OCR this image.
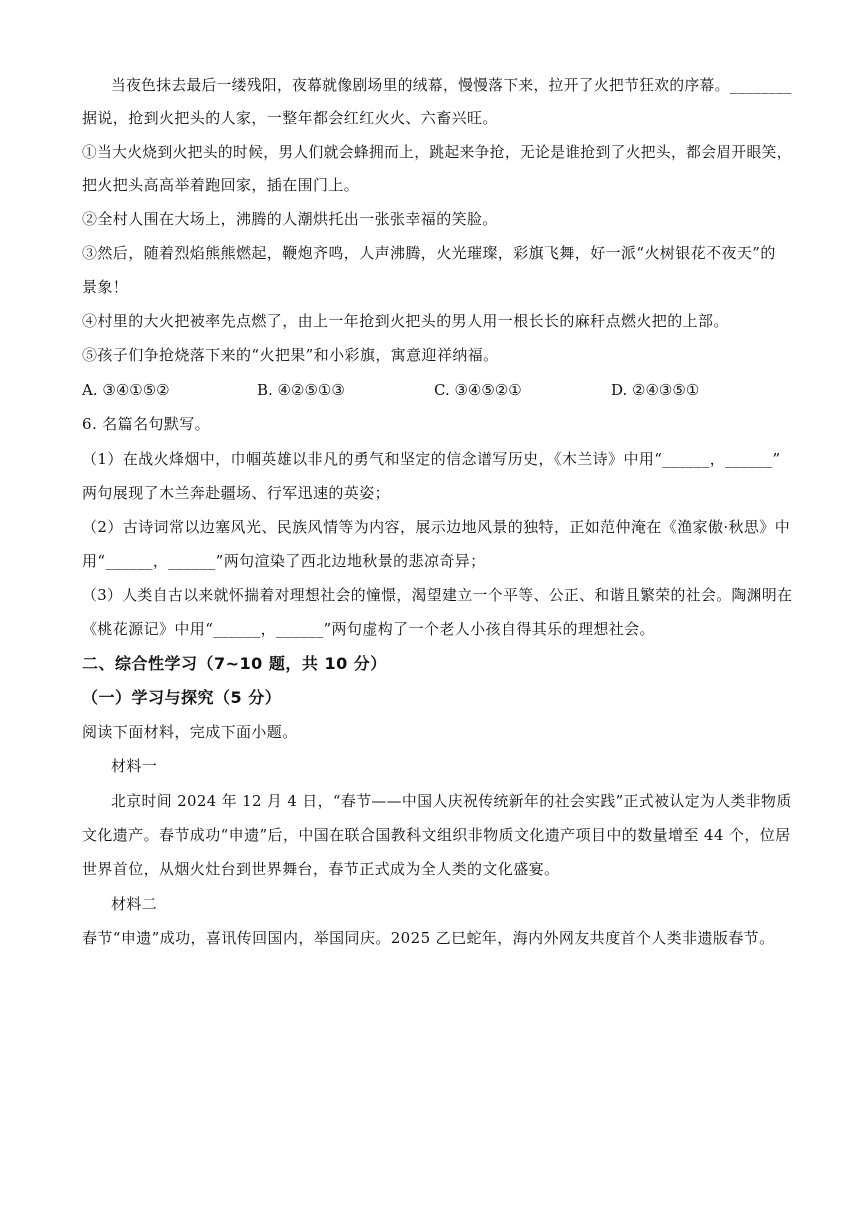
当夜色抹去最后一缕残阳，夜幕就像剧场里的绒幕，慢慢落下来，拉开了火把节狂欢的序幕。________
据说，抢到火把头的人家，一整年都会红红火火、六畜兴旺。
①当大火烧到火把头的时候，男人们就会蜂拥而上，跳起来争抢，无论是谁抢到了火把头，都会眉开眼笑，
把火把头高高举着跑回家，插在围门上。
②全村人围在大场上，沸腾的人潮烘托出一张张幸福的笑脸。
③然后，随着烈焰熊熊燃起，鞭炮齐鸣，人声沸腾，火光璀璨，彩旗飞舞，好一派“火树银花不夜天”的
景象！
④村里的大火把被率先点燃了，由上一年抢到火把头的男人用一根长长的麻秆点燃火把的上部。
⑤孩子们争抢烧落下来的“火把果”和小彩旗，寓意迎祥纳福。
A. ③④①⑤②	B. ④②⑤①③	C. ③④⑤②①	D. ②④③⑤①
6. 名篇名句默写。
（1）在战火烽烟中，巾帼英雄以非凡的勇气和坚定的信念谱写历史，《木兰诗》中用“______，______”
两句展现了木兰奔赴疆场、行军迅速的英姿；
（2）古诗词常以边塞风光、民族风情等为内容，展示边地风景的独特，正如范仲淹在《渔家傲·秋思》中
用“______，______”两句渲染了西北边地秋景的悲凉奇异；
（3）人类自古以来就怀揣着对理想社会的憧憬，渴望建立一个平等、公正、和谐且繁荣的社会。陶渊明在
《桃花源记》中用“______，______”两句虚构了一个老人小孩自得其乐的理想社会。
二、综合性学习（7~10 题，共 10 分）
（一）学习与探究（5 分）
阅读下面材料，完成下面小题。
材料一
北京时间 2024 年 12 月 4 日，“春节——中国人庆祝传统新年的社会实践”正式被认定为人类非物质
文化遗产。春节成功“申遗”后，中国在联合国教科文组织非物质文化遗产项目中的数量增至 44 个，位居
世界首位，从烟火灶台到世界舞台，春节正式成为全人类的文化盛宴。
材料二
春节“申遗”成功，喜讯传回国内，举国同庆。2025 乙巳蛇年，海内外网友共度首个人类非遗版春节。
